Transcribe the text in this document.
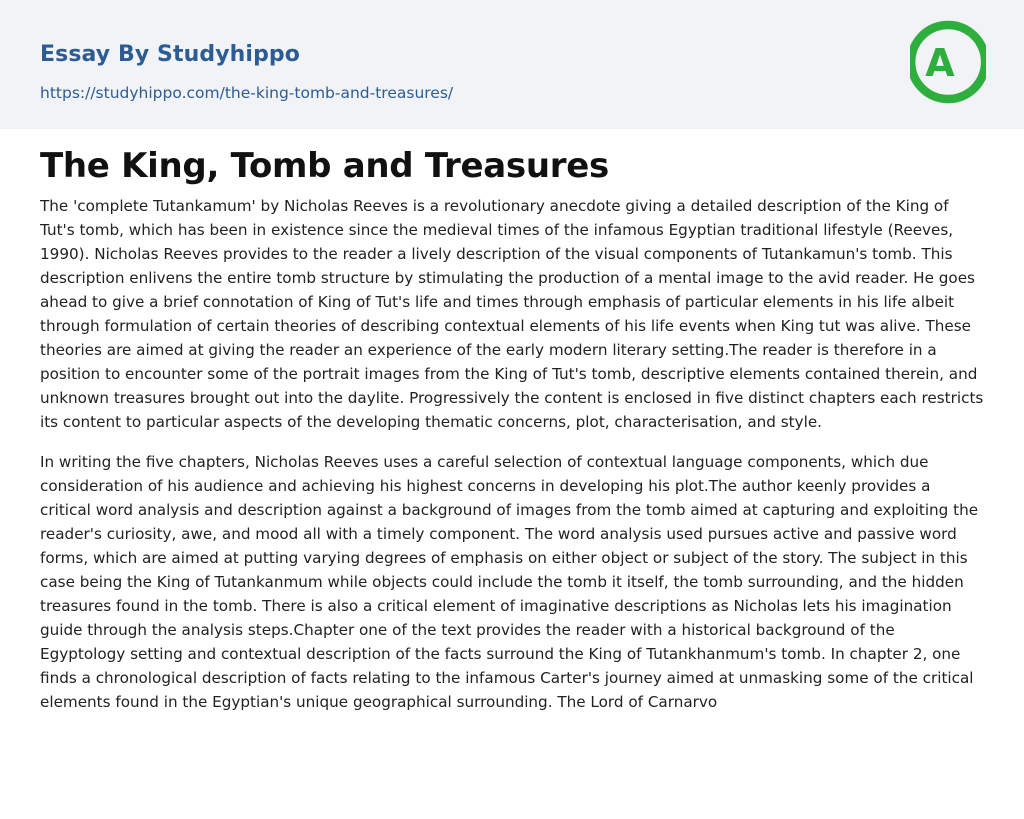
Essay By Studyhippo
https://studyhippo.com/the-king-tomb-and-treasures/
A
The King, Tomb and Treasures

The 'complete Tutankamum' by Nicholas Reeves is a revolutionary anecdote giving a detailed description of the King of Tut's tomb, which has been in existence since the medieval times of the infamous Egyptian traditional lifestyle (Reeves, 1990). Nicholas Reeves provides to the reader a lively description of the visual components of Tutankamun's tomb. This description enlivens the entire tomb structure by stimulating the production of a mental image to the avid reader. He goes ahead to give a brief connotation of King of Tut's life and times through emphasis of particular elements in his life albeit through formulation of certain theories of describing contextual elements of his life events when King tut was alive. These theories are aimed at giving the reader an experience of the early modern literary setting.The reader is therefore in a position to encounter some of the portrait images from the King of Tut's tomb, descriptive elements contained therein, and unknown treasures brought out into the daylite. Progressively the content is enclosed in five distinct chapters each restricts its content to particular aspects of the developing thematic concerns, plot, characterisation, and style.

In writing the five chapters, Nicholas Reeves uses a careful selection of contextual language components, which due consideration of his audience and achieving his highest concerns in developing his plot.The author keenly provides a critical word analysis and description against a background of images from the tomb aimed at capturing and exploiting the reader's curiosity, awe, and mood all with a timely component. The word analysis used pursues active and passive word forms, which are aimed at putting varying degrees of emphasis on either object or subject of the story. The subject in this case being the King of Tutankanmum while objects could include the tomb it itself, the tomb surrounding, and the hidden treasures found in the tomb. There is also a critical element of imaginative descriptions as Nicholas lets his imagination guide through the analysis steps.Chapter one of the text provides the reader with a historical background of the Egyptology setting and contextual description of the facts surround the King of Tutankhanmum's tomb. In chapter 2, one finds a chronological description of facts relating to the infamous Carter's journey aimed at unmasking some of the critical elements found in the Egyptian's unique geographical surrounding. The Lord of Carnarvo
